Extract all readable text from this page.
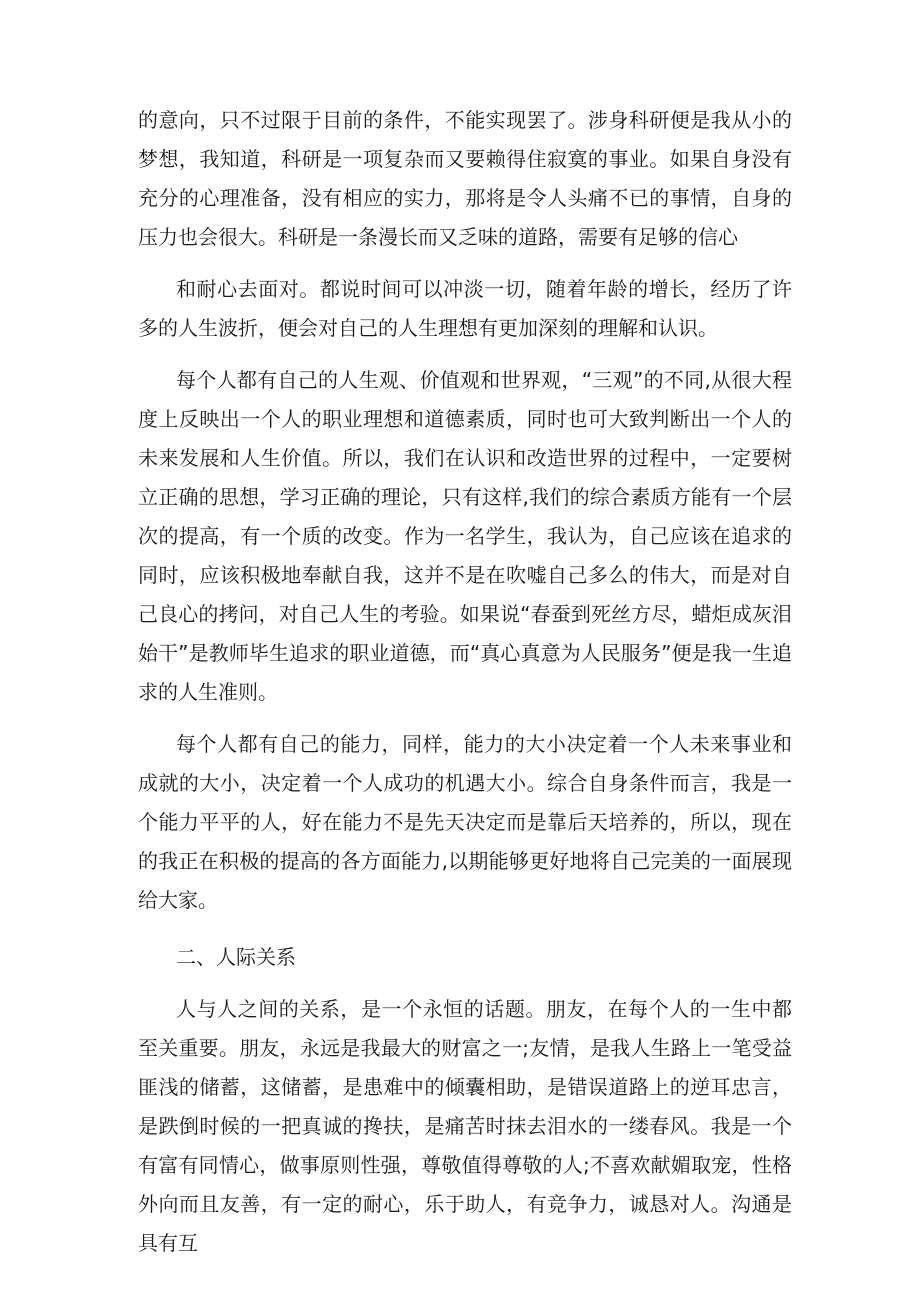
的意向，只不过限于目前的条件，不能实现罢了。涉身科研便是我从小的梦想，我知道，科研是一项复杂而又要赖得住寂寞的事业。如果自身没有充分的心理准备，没有相应的实力，那将是令人头痛不已的事情，自身的压力也会很大。科研是一条漫长而又乏味的道路，需要有足够的信心

和耐心去面对。都说时间可以冲淡一切，随着年龄的增长，经历了许多的人生波折，便会对自己的人生理想有更加深刻的理解和认识。

每个人都有自己的人生观、价值观和世界观，“三观”的不同,从很大程度上反映出一个人的职业理想和道德素质，同时也可大致判断出一个人的未来发展和人生价值。所以，我们在认识和改造世界的过程中，一定要树立正确的思想，学习正确的理论，只有这样,我们的综合素质方能有一个层次的提高，有一个质的改变。作为一名学生，我认为，自己应该在追求的同时，应该积极地奉献自我，这并不是在吹嘘自己多么的伟大，而是对自己良心的拷问，对自己人生的考验。如果说“春蚕到死丝方尽，蜡炬成灰泪始干”是教师毕生追求的职业道德，而“真心真意为人民服务”便是我一生追求的人生准则。

每个人都有自己的能力，同样，能力的大小决定着一个人未来事业和成就的大小，决定着一个人成功的机遇大小。综合自身条件而言，我是一个能力平平的人，好在能力不是先天决定而是靠后天培养的，所以，现在的我正在积极的提高的各方面能力,以期能够更好地将自己完美的一面展现给大家。

二、人际关系

人与人之间的关系，是一个永恒的话题。朋友，在每个人的一生中都至关重要。朋友，永远是我最大的财富之一;友情，是我人生路上一笔受益匪浅的储蓄，这储蓄，是患难中的倾囊相助，是错误道路上的逆耳忠言，是跌倒时候的一把真诚的搀扶，是痛苦时抹去泪水的一缕春风。我是一个有富有同情心，做事原则性强，尊敬值得尊敬的人;不喜欢献媚取宠，性格外向而且友善，有一定的耐心，乐于助人，有竞争力，诚恳对人。沟通是具有互
